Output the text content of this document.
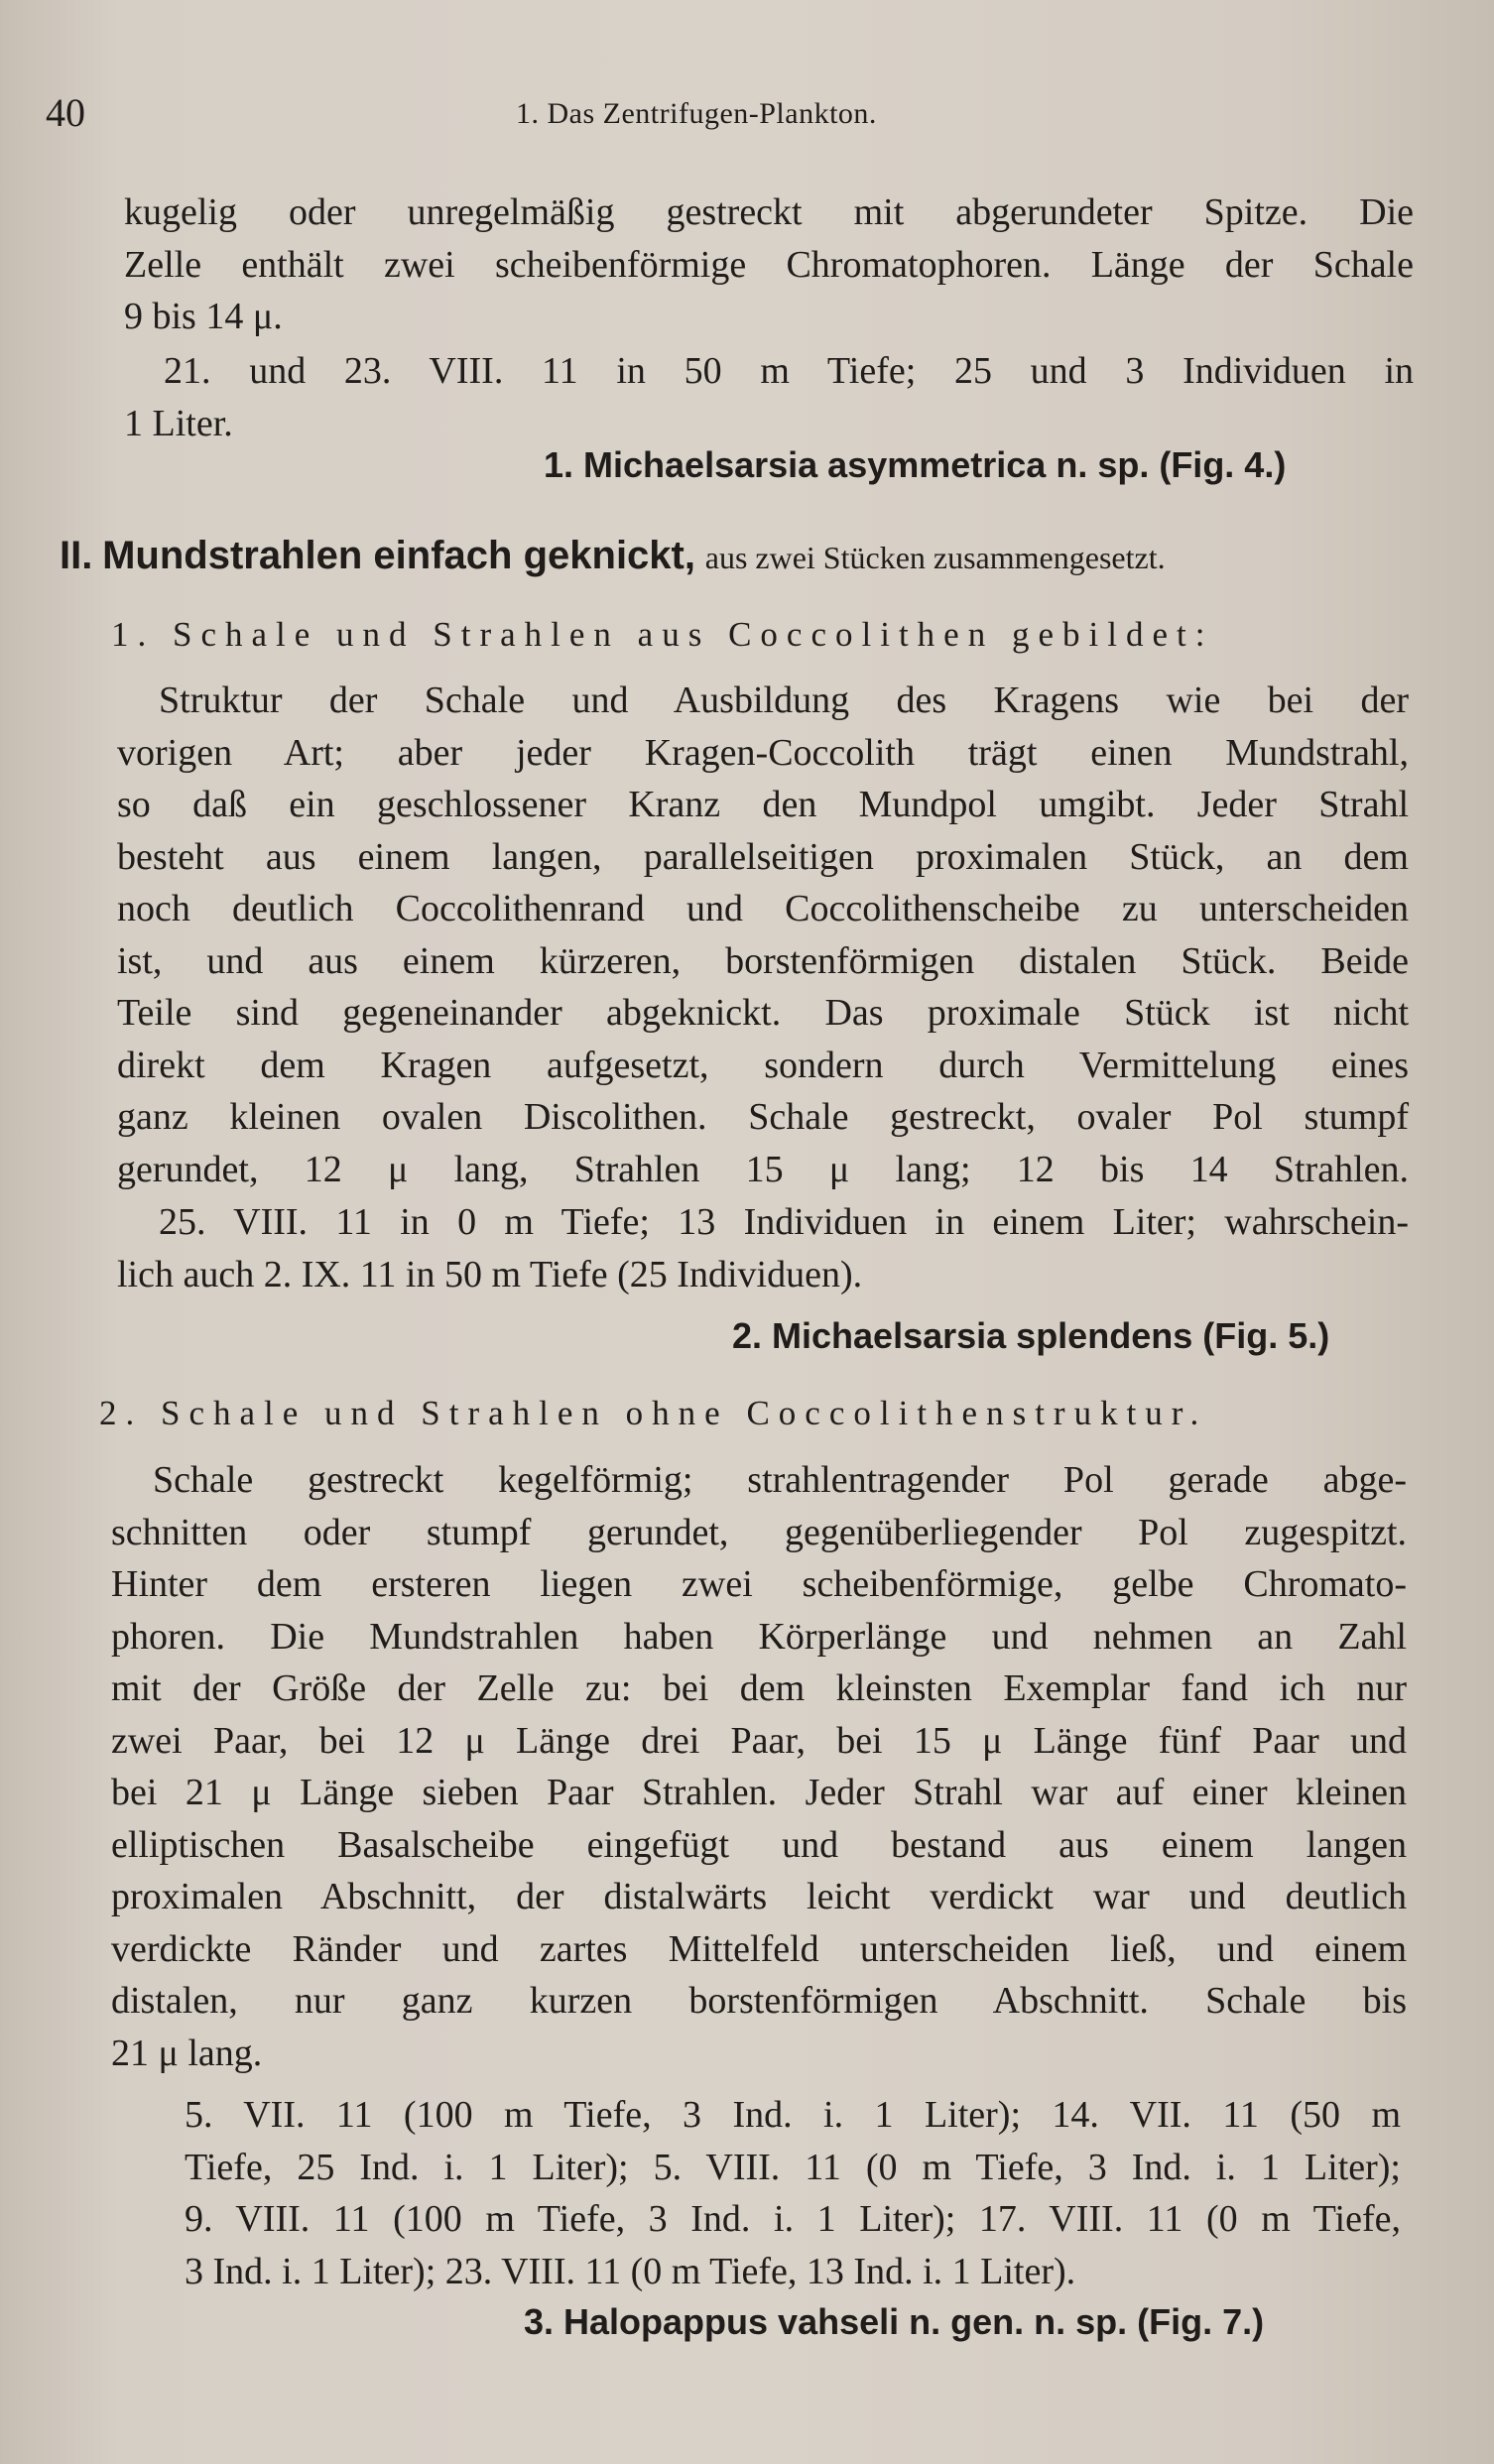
40	1. Das Zentrifugen-Plankton.
kugelig oder unregelmäßig gestreckt mit abgerundeter Spitze. Die
Zelle enthält zwei scheibenförmige Chromatophoren. Länge der Schale
9 bis 14 μ.
21. und 23. VIII. 11 in 50 m Tiefe; 25 und 3 Individuen in
1 Liter.
1. Michaelsarsia asymmetrica n. sp. (Fig. 4.)
II. Mundstrahlen einfach geknickt, aus zwei Stücken zusammengesetzt.
1. Schale und Strahlen aus Coccolithen gebildet:
Struktur der Schale und Ausbildung des Kragens wie bei der
vorigen Art; aber jeder Kragen-Coccolith trägt einen Mundstrahl,
so daß ein geschlossener Kranz den Mundpol umgibt. Jeder Strahl
besteht aus einem langen, parallelseitigen proximalen Stück, an dem
noch deutlich Coccolithenrand und Coccolithenscheibe zu unterscheiden
ist, und aus einem kürzeren, borstenförmigen distalen Stück. Beide
Teile sind gegeneinander abgeknickt. Das proximale Stück ist nicht
direkt dem Kragen aufgesetzt, sondern durch Vermittelung eines
ganz kleinen ovalen Discolithen. Schale gestreckt, ovaler Pol stumpf
gerundet, 12 μ lang, Strahlen 15 μ lang; 12 bis 14 Strahlen.
25. VIII. 11 in 0 m Tiefe; 13 Individuen in einem Liter; wahrschein-
lich auch 2. IX. 11 in 50 m Tiefe (25 Individuen).
2. Michaelsarsia splendens (Fig. 5.)
2. Schale und Strahlen ohne Coccolithenstruktur.
Schale gestreckt kegelförmig; strahlentragender Pol gerade abge-
schnitten oder stumpf gerundet, gegenüberliegender Pol zugespitzt.
Hinter dem ersteren liegen zwei scheibenförmige, gelbe Chromato-
phoren. Die Mundstrahlen haben Körperlänge und nehmen an Zahl
mit der Größe der Zelle zu: bei dem kleinsten Exemplar fand ich nur
zwei Paar, bei 12 μ Länge drei Paar, bei 15 μ Länge fünf Paar und
bei 21 μ Länge sieben Paar Strahlen. Jeder Strahl war auf einer kleinen
elliptischen Basalscheibe eingefügt und bestand aus einem langen
proximalen Abschnitt, der distalwärts leicht verdickt war und deutlich
verdickte Ränder und zartes Mittelfeld unterscheiden ließ, und einem
distalen, nur ganz kurzen borstenförmigen Abschnitt. Schale bis
21 μ lang.
5. VII. 11 (100 m Tiefe, 3 Ind. i. 1 Liter); 14. VII. 11 (50 m
Tiefe, 25 Ind. i. 1 Liter); 5. VIII. 11 (0 m Tiefe, 3 Ind. i. 1 Liter);
9. VIII. 11 (100 m Tiefe, 3 Ind. i. 1 Liter); 17. VIII. 11 (0 m Tiefe,
3 Ind. i. 1 Liter); 23. VIII. 11 (0 m Tiefe, 13 Ind. i. 1 Liter).
3. Halopappus vahseli n. gen. n. sp. (Fig. 7.)
